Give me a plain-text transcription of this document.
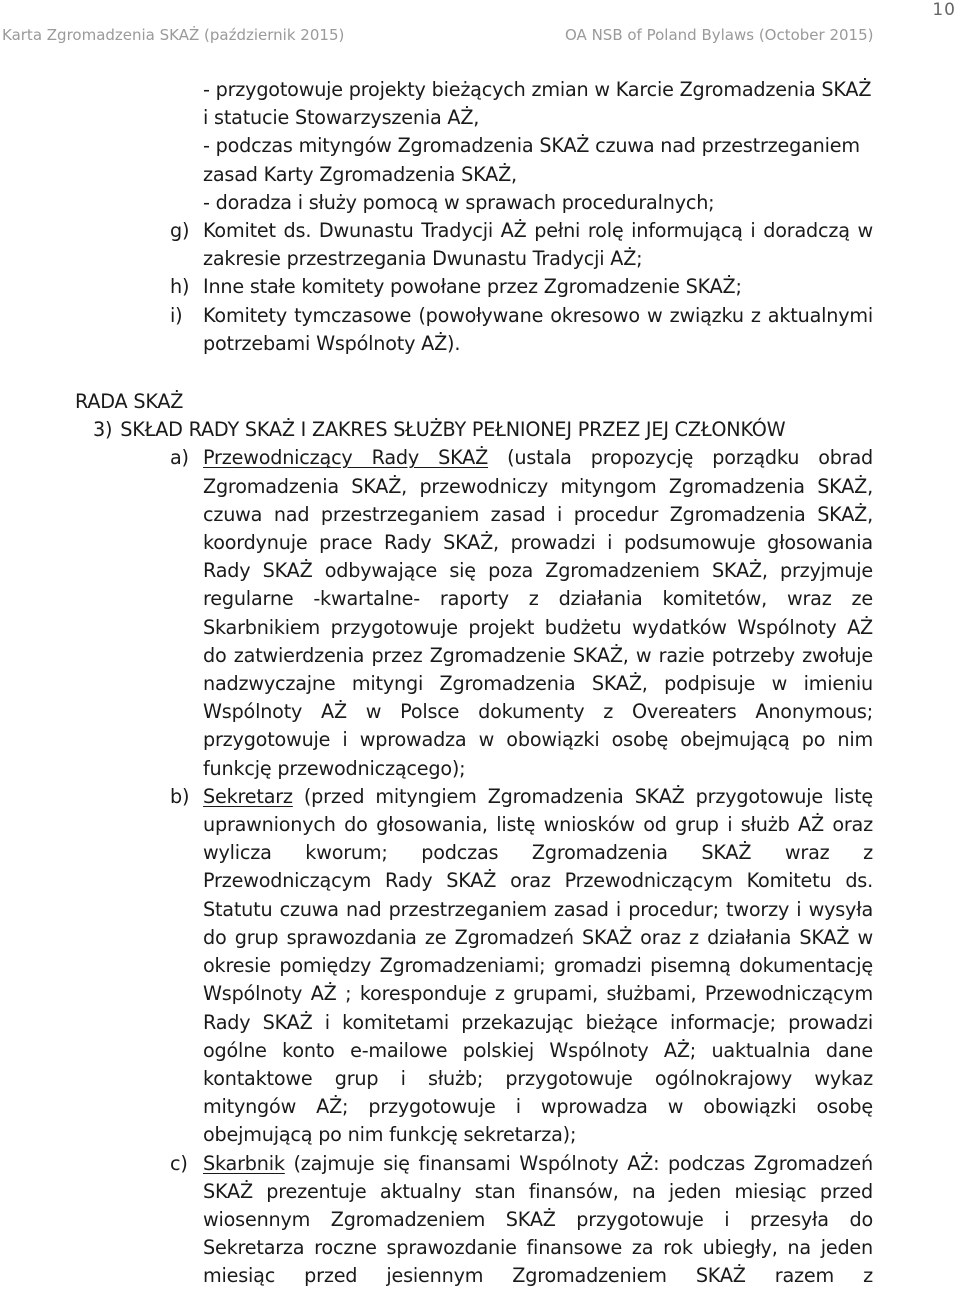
10
Karta Zgromadzenia SKAŻ (październik 2015)	OA NSB of Poland Bylaws (October 2015)
- przygotowuje projekty bieżących zmian w Karcie Zgromadzenia SKAŻ i statucie Stowarzyszenia AŻ,
- podczas mityngów Zgromadzenia SKAŻ czuwa nad przestrzeganiem zasad Karty Zgromadzenia SKAŻ,
- doradza i służy pomocą w sprawach proceduralnych;
g) Komitet ds. Dwunastu Tradycji AŻ pełni rolę informującą i doradczą w zakresie przestrzegania Dwunastu Tradycji AŻ;
h) Inne stałe komitety powołane przez Zgromadzenie SKAŻ;
i) Komitety tymczasowe (powoływane okresowo w związku z aktualnymi potrzebami Wspólnoty AŻ).
RADA SKAŻ
3) SKŁAD RADY SKAŻ I ZAKRES SŁUŻBY PEŁNIONEJ PRZEZ JEJ CZŁONKÓW
a) Przewodniczący Rady SKAŻ (ustala propozycję porządku obrad Zgromadzenia SKAŻ, przewodniczy mityngom Zgromadzenia SKAŻ, czuwa nad przestrzeganiem zasad i procedur Zgromadzenia SKAŻ, koordynuje prace Rady SKAŻ, prowadzi i podsumowuje głosowania Rady SKAŻ odbywające się poza Zgromadzeniem SKAŻ, przyjmuje regularne -kwartalne- raporty z działania komitetów, wraz ze Skarbnikiem przygotowuje projekt budżetu wydatków Wspólnoty AŻ do zatwierdzenia przez Zgromadzenie SKAŻ, w razie potrzeby zwołuje nadzwyczajne mityngi Zgromadzenia SKAŻ, podpisuje w imieniu Wspólnoty AŻ w Polsce dokumenty z Overeaters Anonymous; przygotowuje i wprowadza w obowiązki osobę obejmującą po nim funkcję przewodniczącego);
b) Sekretarz (przed mityngiem Zgromadzenia SKAŻ przygotowuje listę uprawnionych do głosowania, listę wniosków od grup i służb AŻ oraz wylicza kworum; podczas Zgromadzenia SKAŻ wraz z Przewodniczącym Rady SKAŻ oraz Przewodniczącym Komitetu ds. Statutu czuwa nad przestrzeganiem zasad i procedur; tworzy i wysyła do grup sprawozdania ze Zgromadzeń SKAŻ oraz z działania SKAŻ w okresie pomiędzy Zgromadzeniami; gromadzi pisemną dokumentację Wspólnoty AŻ ; koresponduje z grupami, służbami, Przewodniczącym Rady SKAŻ i komitetami przekazując bieżące informacje; prowadzi ogólne konto e-mailowe polskiej Wspólnoty AŻ; uaktualnia dane kontaktowe grup i służb; przygotowuje ogólnokrajowy wykaz mityngów AŻ; przygotowuje i wprowadza w obowiązki osobę obejmującą po nim funkcję sekretarza);
c) Skarbnik (zajmuje się finansami Wspólnoty AŻ: podczas Zgromadzeń SKAŻ prezentuje aktualny stan finansów, na jeden miesiąc przed wiosennym Zgromadzeniem SKAŻ przygotowuje i przesyła do Sekretarza roczne sprawozdanie finansowe za rok ubiegły, na jeden miesiąc przed jesiennym Zgromadzeniem SKAŻ razem z
